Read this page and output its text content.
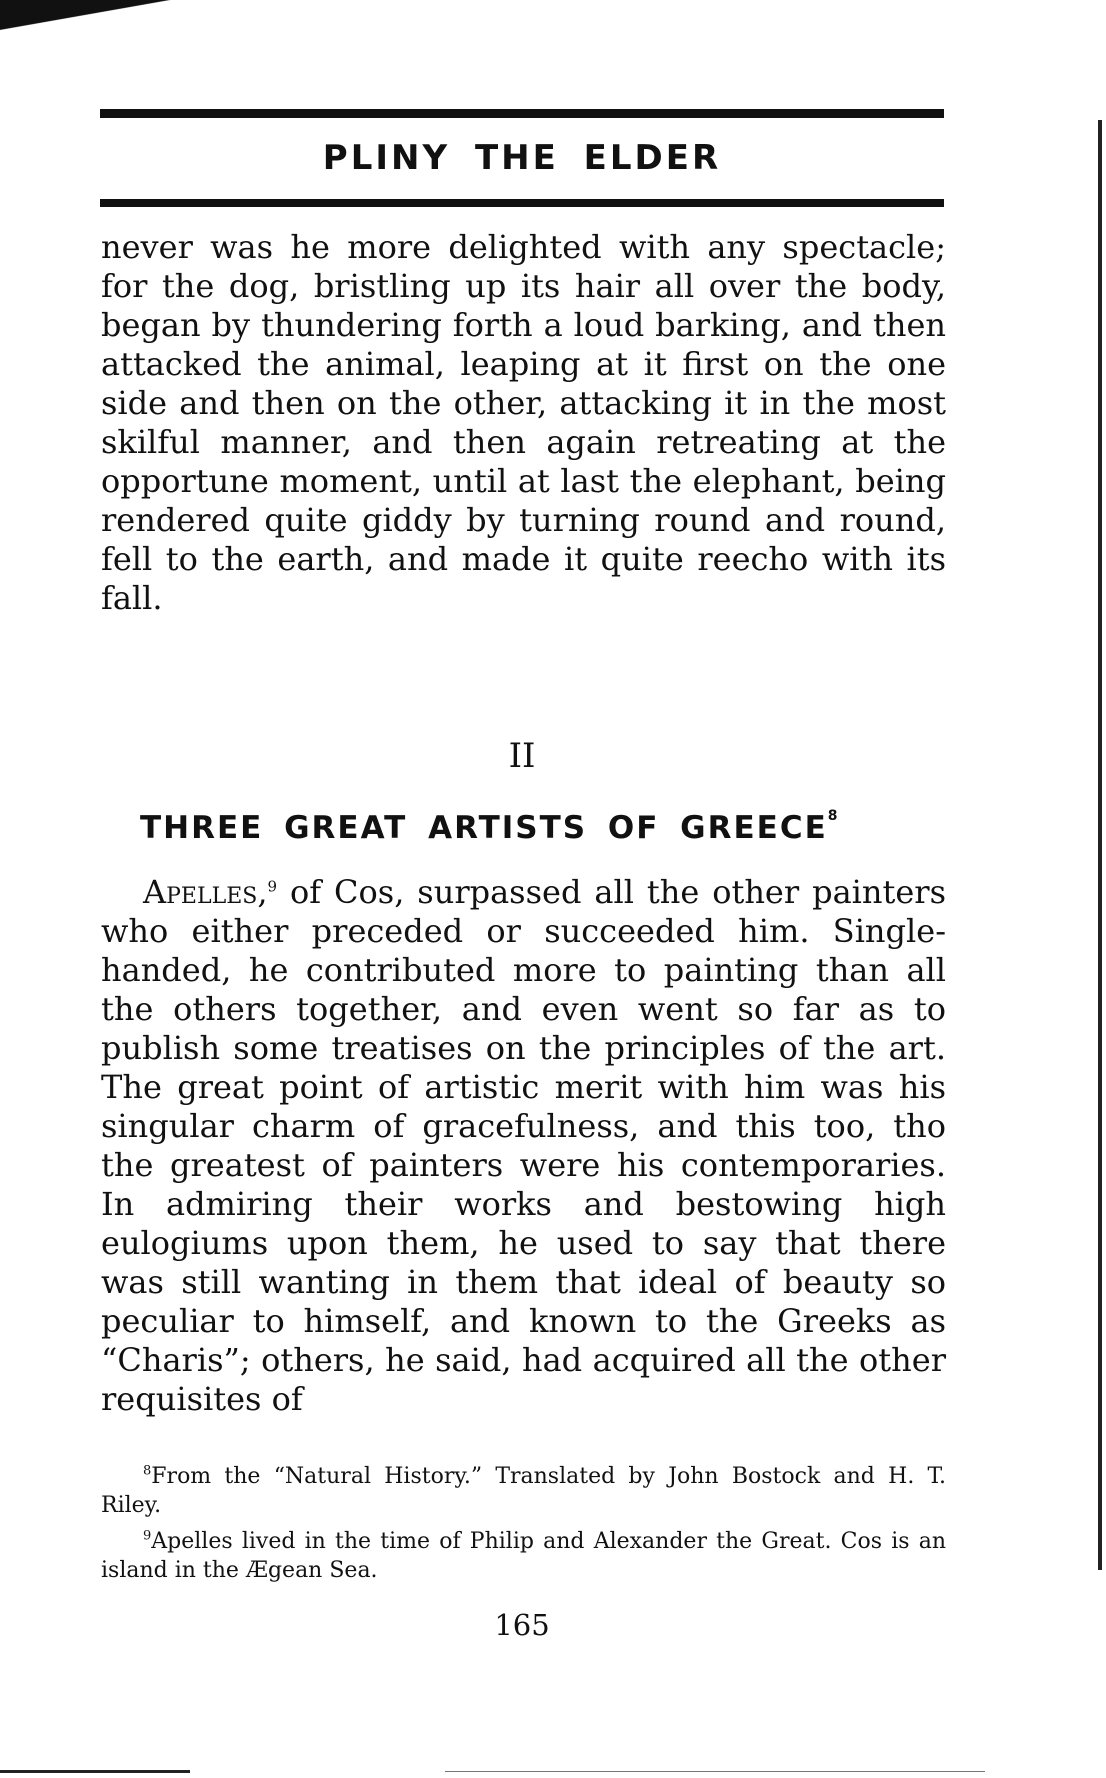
PLINY THE ELDER

never was he more delighted with any spectacle; for the dog, bristling up its hair all over the body, began by thundering forth a loud barking, and then attacked the animal, leaping at it first on the one side and then on the other, attacking it in the most skilful manner, and then again retreating at the opportune moment, until at last the elephant, being rendered quite giddy by turning round and round, fell to the earth, and made it quite reecho with its fall.

II
THREE GREAT ARTISTS OF GREECE$^8$

Apelles,$^9$ of Cos, surpassed all the other painters who either preceded or succeeded him. Single-handed, he contributed more to painting than all the others together, and even went so far as to publish some treatises on the principles of the art. The great point of artistic merit with him was his singular charm of gracefulness, and this too, tho the greatest of painters were his contemporaries. In admiring their works and bestowing high eulogiums upon them, he used to say that there was still wanting in them that ideal of beauty so peculiar to himself, and known to the Greeks as “Charis”; others, he said, had acquired all the other requisites of

$^8$From the “Natural History.” Translated by John Bostock and H. T. Riley.

$^9$Apelles lived in the time of Philip and Alexander the Great. Cos is an island in the Ægean Sea.

165
